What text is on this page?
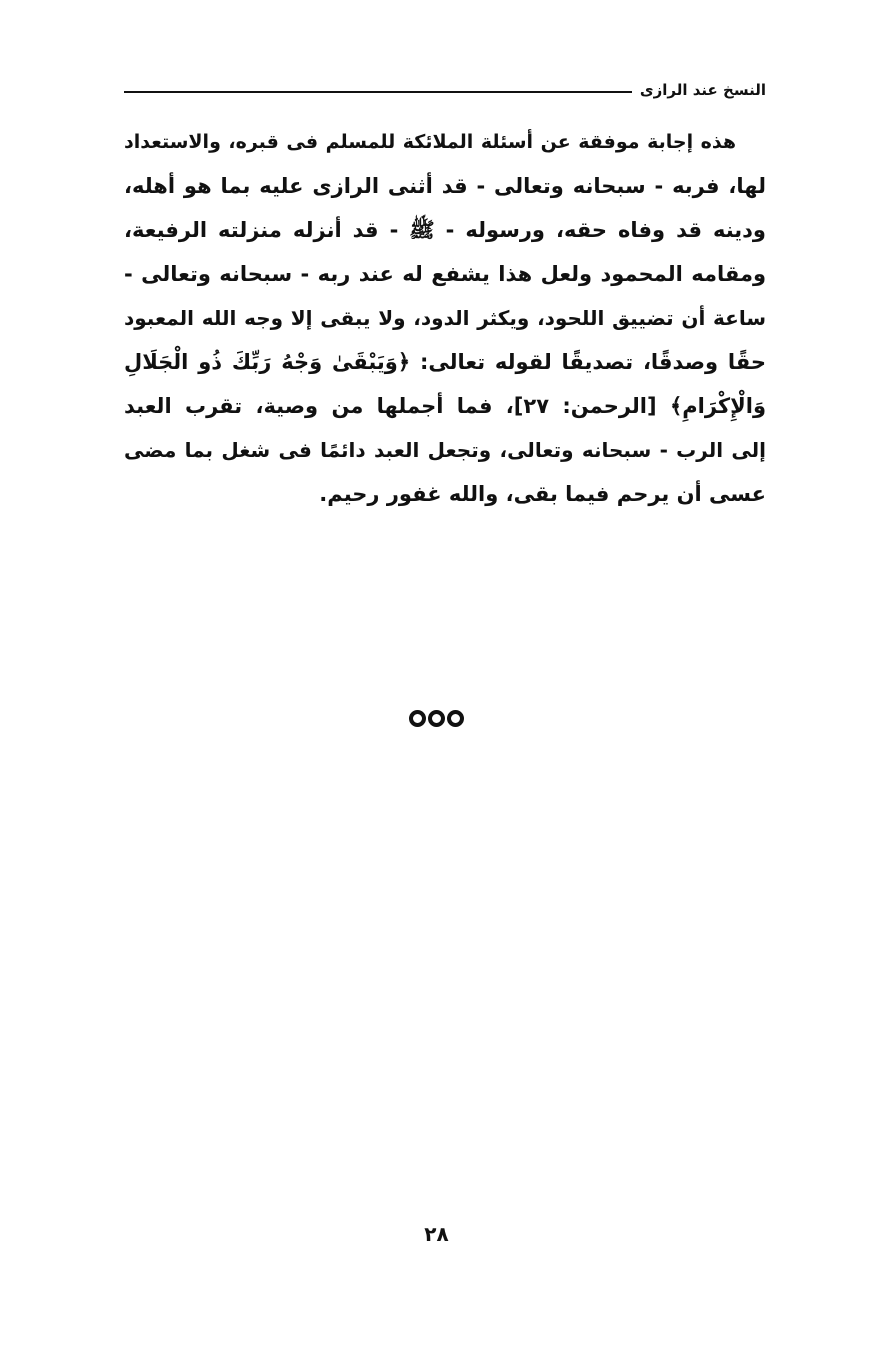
النسخ عند الرازى
هذه إجابة موفقة عن أسئلة الملائكة للمسلم فى قبره، والاستعداد
لها، فربه - سبحانه وتعالى - قد أثنى الرازى عليه بما هو أهله،
ودينه قد وفاه حقه، ورسوله - ﷺ - قد أنزله منزلته الرفيعة،
ومقامه المحمود ولعل هذا يشفع له عند ربه - سبحانه وتعالى -
ساعة أن تضييق اللحود، ويكثر الدود، ولا يبقى إلا وجه الله المعبود
حقًا وصدقًا، تصديقًا لقوله تعالى: ﴿وَيَبْقَىٰ وَجْهُ رَبِّكَ ذُو الْجَلَالِ
وَالْإِكْرَامِ﴾ [الرحمن: ٢٧]، فما أجملها من وصية، تقرب العبد
إلى الرب - سبحانه وتعالى، وتجعل العبد دائمًا فى شغل بما مضى
عسى أن يرحم فيما بقى، والله غفور رحيم.
٢٨
